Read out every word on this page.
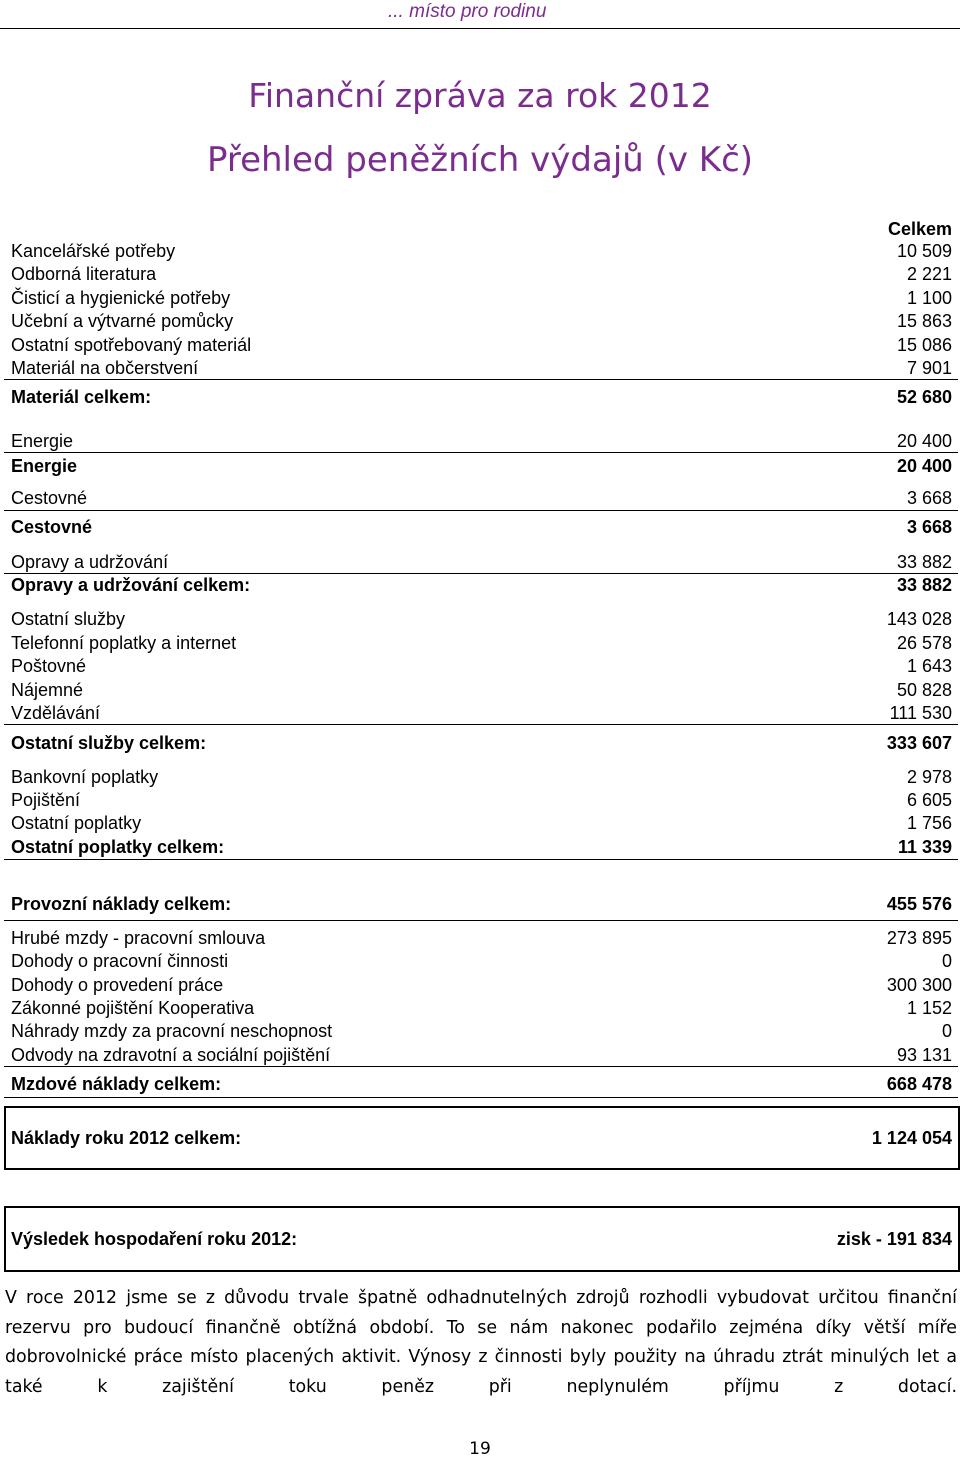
... místo pro rodinu
Finanční zpráva za rok 2012
Přehled peněžních výdajů (v Kč)
Celkem
Kancelářské potřeby	10 509
Odborná literatura	2 221
Čisticí a hygienické potřeby	1 100
Učební a výtvarné pomůcky	15 863
Ostatní spotřebovaný materiál	15 086
Materiál na občerstvení	7 901
Materiál celkem:	52 680
Energie	20 400
Energie	20 400
Cestovné	3 668
Cestovné	3 668
Opravy a udržování	33 882
Opravy a udržování celkem:	33 882
Ostatní služby	143 028
Telefonní poplatky a internet	26 578
Poštovné	1 643
Nájemné	50 828
Vzdělávání	111 530
Ostatní služby celkem:	333 607
Bankovní poplatky	2 978
Pojištění	6 605
Ostatní poplatky	1 756
Ostatní poplatky celkem:	11 339
Provozní náklady celkem:	455 576
Hrubé mzdy - pracovní smlouva	273 895
Dohody o pracovní činnosti	0
Dohody o provedení práce	300 300
Zákonné pojištění Kooperativa	1 152
Náhrady mzdy za pracovní neschopnost	0
Odvody na zdravotní a sociální pojištění	93 131
Mzdové náklady celkem:	668 478
Náklady roku 2012 celkem:	1 124 054
Výsledek hospodaření roku 2012:	zisk - 191 834
V roce 2012 jsme se z důvodu trvale špatně odhadnutelných zdrojů rozhodli vybudovat určitou finanční rezervu pro budoucí finančně obtížná období. To se nám nakonec podařilo zejména díky větší míře dobrovolnické práce místo placených aktivit. Výnosy z činnosti byly použity na úhradu ztrát minulých let a také k zajištění toku peněz při neplynulém příjmu z dotací.
19
